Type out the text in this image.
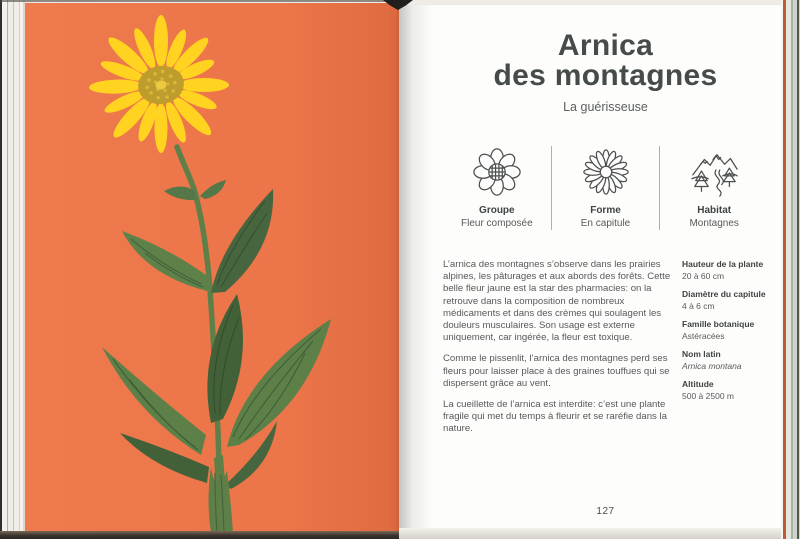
Arnica
des montagnes
La guérisseuse
Groupe
Fleur composée
Forme
En capitule
Habitat
Montagnes

L’arnica des montagnes s’observe dans les prairies alpines, les pâturages et aux abords des forêts. Cette belle fleur jaune est la star des pharmacies: on la retrouve dans la composition de nombreux médicaments et dans des crèmes qui soulagent les douleurs musculaires. Son usage est externe uniquement, car ingérée, la fleur est toxique.

Comme le pissenlit, l’arnica des montagnes perd ses fleurs pour laisser place à des graines touffues qui se dispersent grâce au vent.

La cueillette de l’arnica est interdite: c’est une plante fragile qui met du temps à fleurir et se raréfie dans la nature.

Hauteur de la plante
20 à 60 cm
Diamètre du capitule
4 à 6 cm
Famille botanique
Astéracées
Nom latin
Arnica montana
Altitude
500 à 2500 m
127
